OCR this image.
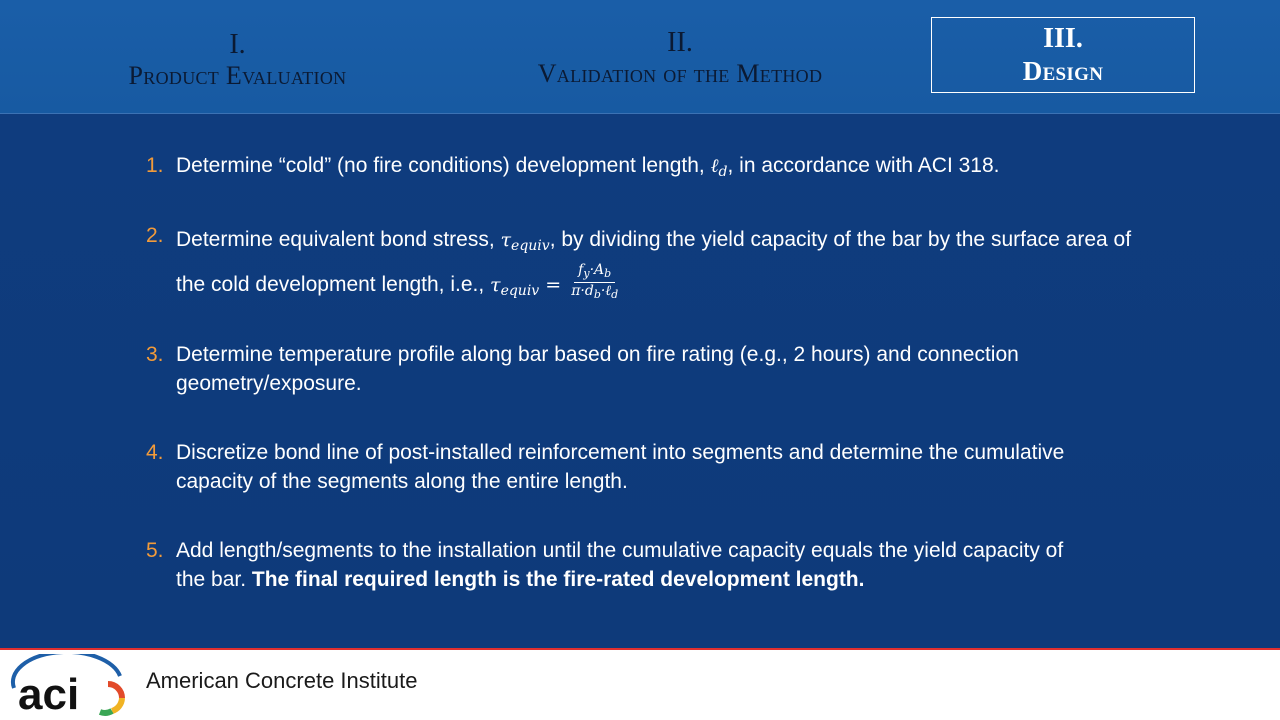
I.
Product Evaluation
II.
Validation of the Method
III.
Design
1. Determine “cold” (no fire conditions) development length, ℓ$_d$, in accordance with ACI 318.
2. Determine equivalent bond stress, $\tau_{equiv}$, by dividing the yield capacity of the bar by the surface area of the cold development length, i.e., $\tau_{equiv} = \frac{f_y\cdot A_b}{\pi\cdot d_b\cdot\ell_d}$
3. Determine temperature profile along bar based on fire rating (e.g., 2 hours) and connection geometry/exposure.
4. Discretize bond line of post-installed reinforcement into segments and determine the cumulative capacity of the segments along the entire length.
5. Add length/segments to the installation until the cumulative capacity equals the yield capacity of the bar. The final required length is the fire-rated development length.
aci	American Concrete Institute
